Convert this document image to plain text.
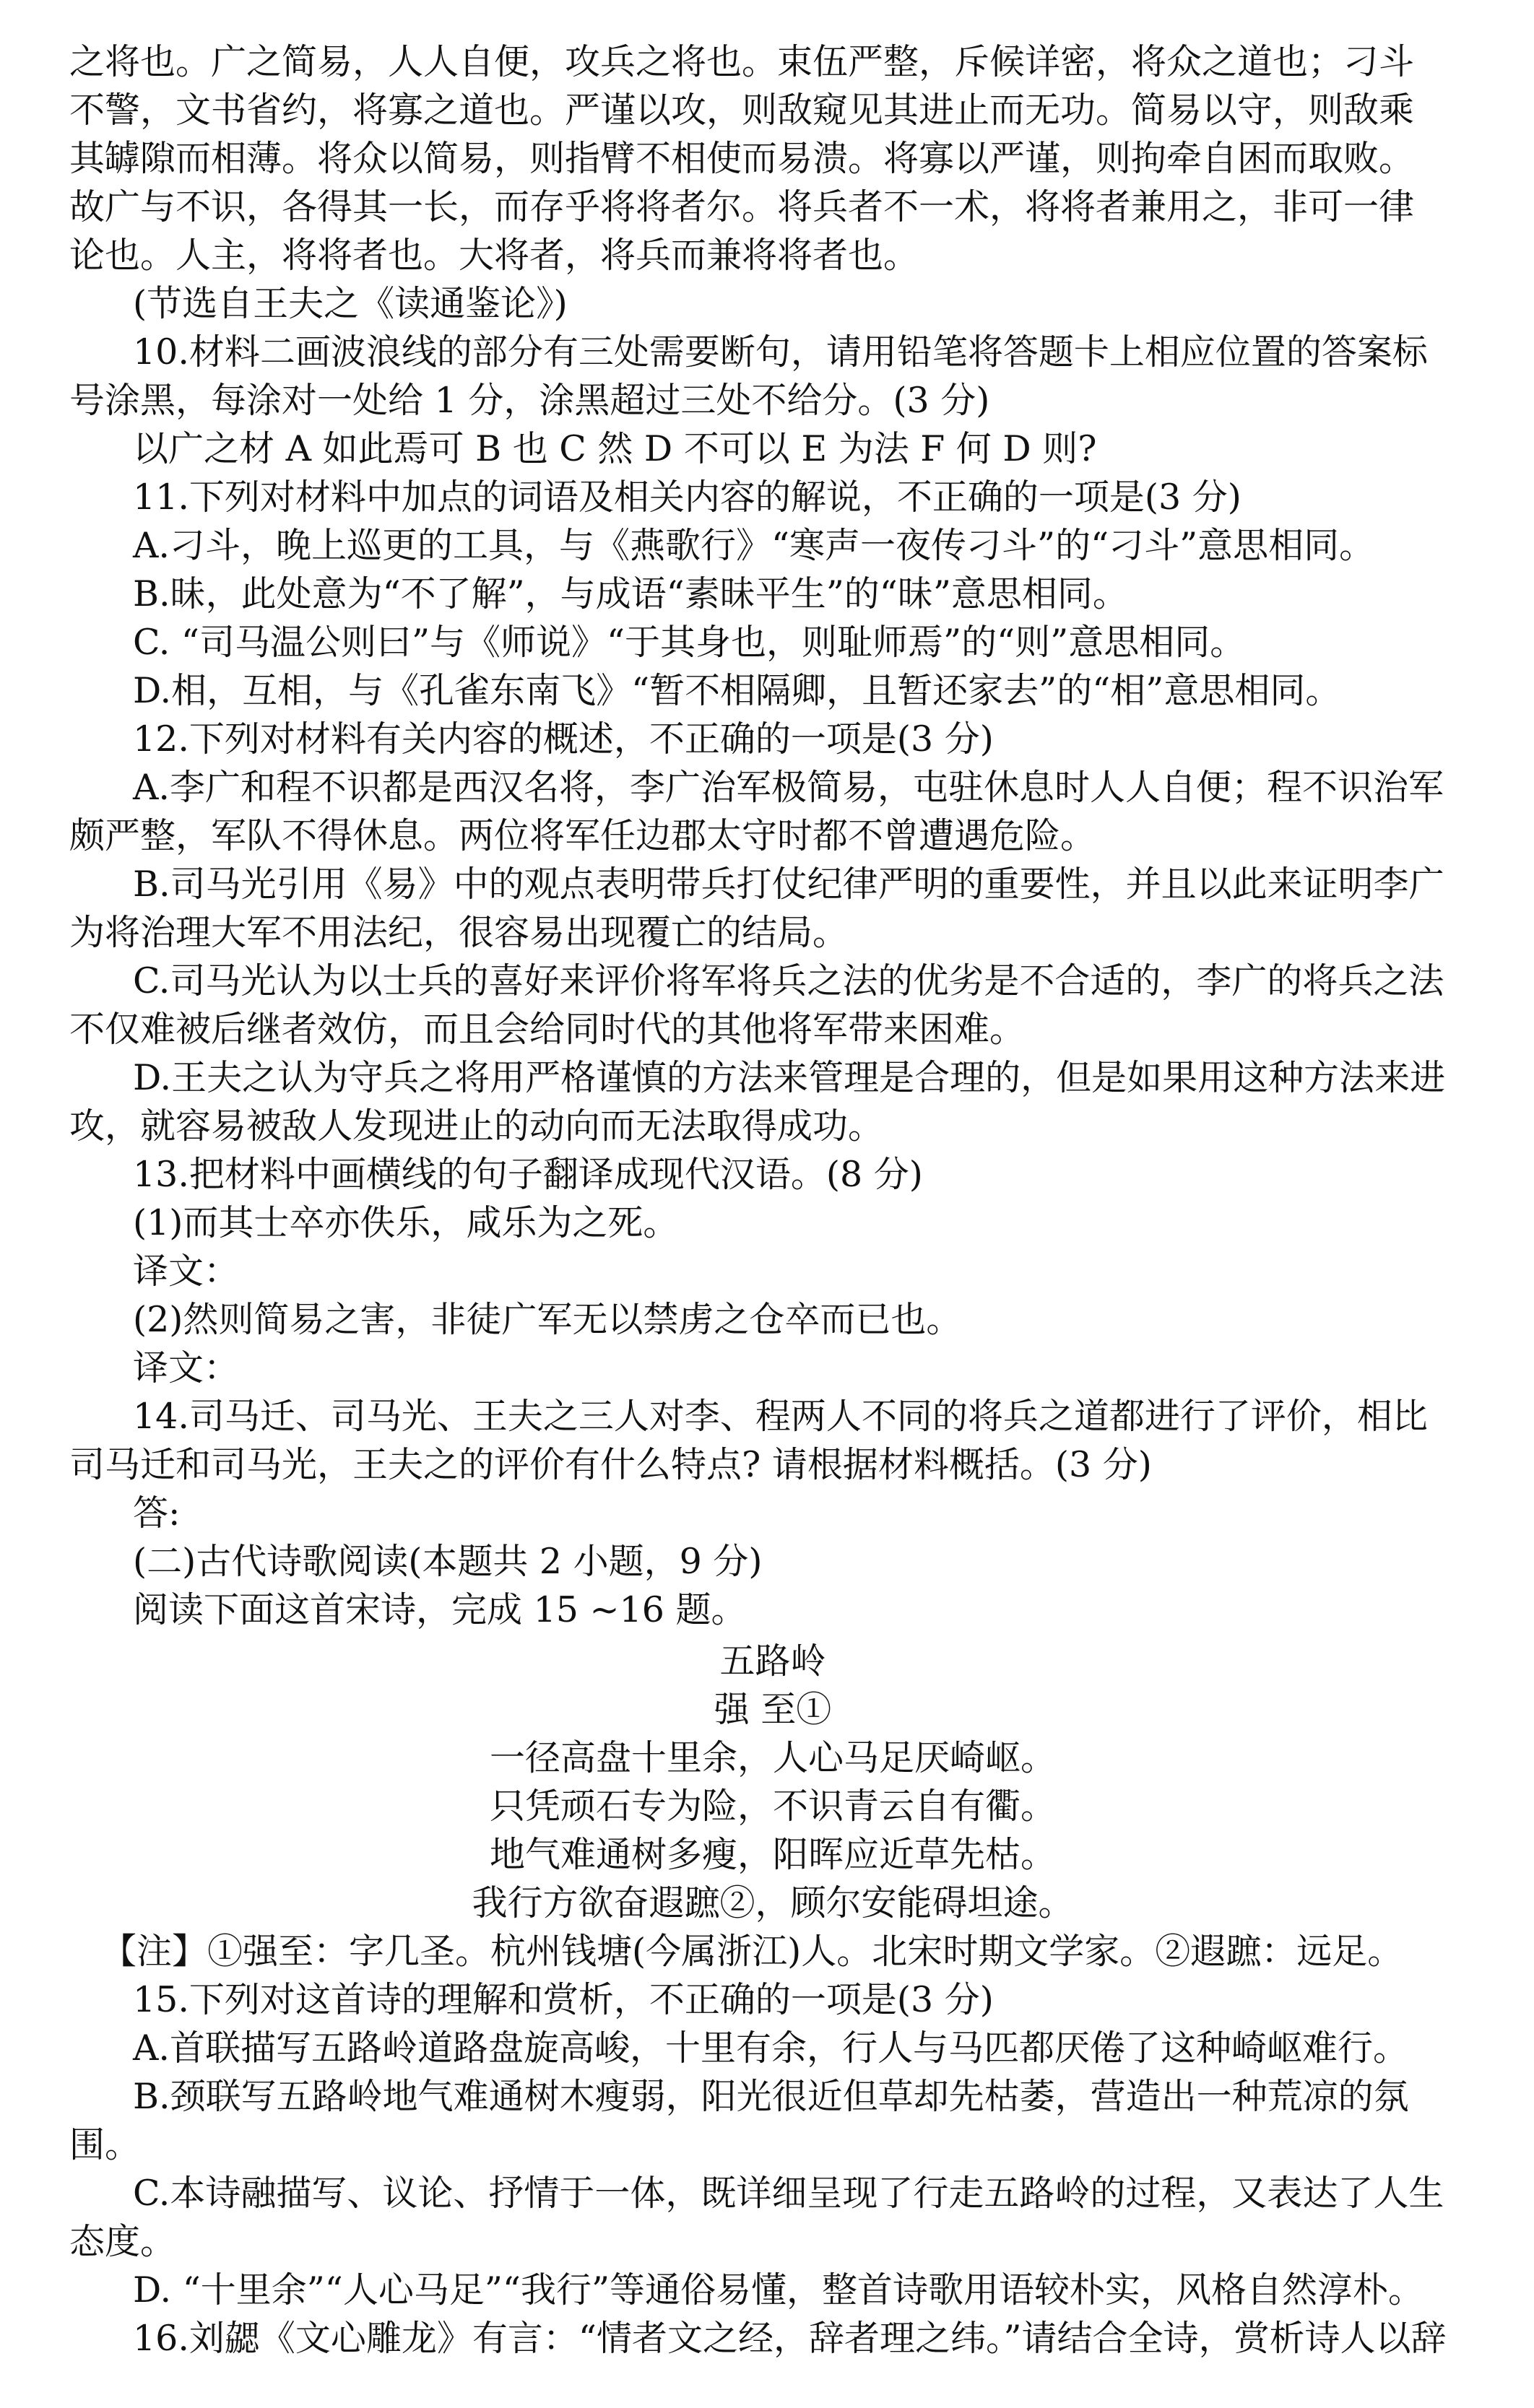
之将也。广之简易，人人自便，攻兵之将也。束伍严整，斥候详密，将众之道也；刁斗
不警，文书省约，将寡之道也。严谨以攻，则敌窥见其进止而无功。简易以守，则敌乘
其罅隙而相薄。将众以简易，则指臂不相使而易溃。将寡以严谨，则拘牵自困而取败。
故广与不识，各得其一长，而存乎将将者尔。将兵者不一术，将将者兼用之，非可一律
论也。人主，将将者也。大将者，将兵而兼将将者也。
(节选自王夫之《读通鉴论》)
10.材料二画波浪线的部分有三处需要断句，请用铅笔将答题卡上相应位置的答案标
号涂黑，每涂对一处给 1 分，涂黑超过三处不给分。(3 分)
以广之材 A 如此焉可 B 也 C 然 D 不可以 E 为法 F 何 D 则?
11.下列对材料中加点的词语及相关内容的解说，不正确的一项是(3 分)
A.刁斗，晚上巡更的工具，与《燕歌行》“寒声一夜传刁斗”的“刁斗”意思相同。
B.昧，此处意为“不了解”，与成语“素昧平生”的“昧”意思相同。
C. “司马温公则曰”与《师说》“于其身也，则耻师焉”的“则”意思相同。
D.相，互相，与《孔雀东南飞》“暂不相隔卿，且暂还家去”的“相”意思相同。
12.下列对材料有关内容的概述，不正确的一项是(3 分)
A.李广和程不识都是西汉名将，李广治军极简易，屯驻休息时人人自便；程不识治军
颇严整，军队不得休息。两位将军任边郡太守时都不曾遭遇危险。
B.司马光引用《易》中的观点表明带兵打仗纪律严明的重要性，并且以此来证明李广
为将治理大军不用法纪，很容易出现覆亡的结局。
C.司马光认为以士兵的喜好来评价将军将兵之法的优劣是不合适的，李广的将兵之法
不仅难被后继者效仿，而且会给同时代的其他将军带来困难。
D.王夫之认为守兵之将用严格谨慎的方法来管理是合理的，但是如果用这种方法来进
攻，就容易被敌人发现进止的动向而无法取得成功。
13.把材料中画横线的句子翻译成现代汉语。(8 分)
(1)而其士卒亦佚乐，咸乐为之死。
译文：
(2)然则简易之害，非徒广军无以禁虏之仓卒而已也。
译文：
14.司马迁、司马光、王夫之三人对李、程两人不同的将兵之道都进行了评价，相比
司马迁和司马光，王夫之的评价有什么特点? 请根据材料概括。(3 分)
答:
(二)古代诗歌阅读(本题共 2 小题，9 分)
阅读下面这首宋诗，完成 15 ~16 题。
五路岭
强 至①
一径高盘十里余，人心马足厌崎岖。
只凭顽石专为险，不识青云自有衢。
地气难通树多瘦，阳晖应近草先枯。
我行方欲奋遐蹠②，顾尔安能碍坦途。
【注】①强至：字几圣。杭州钱塘(今属浙江)人。北宋时期文学家。②遐蹠：远足。
15.下列对这首诗的理解和赏析，不正确的一项是(3 分)
A.首联描写五路岭道路盘旋高峻，十里有余，行人与马匹都厌倦了这种崎岖难行。
B.颈联写五路岭地气难通树木瘦弱，阳光很近但草却先枯萎，营造出一种荒凉的氛
围。
C.本诗融描写、议论、抒情于一体，既详细呈现了行走五路岭的过程，又表达了人生
态度。
D. “十里余”“人心马足”“我行”等通俗易懂，整首诗歌用语较朴实，风格自然淳朴。
16.刘勰《文心雕龙》有言：“情者文之经，辞者理之纬。”请结合全诗，赏析诗人以辞
